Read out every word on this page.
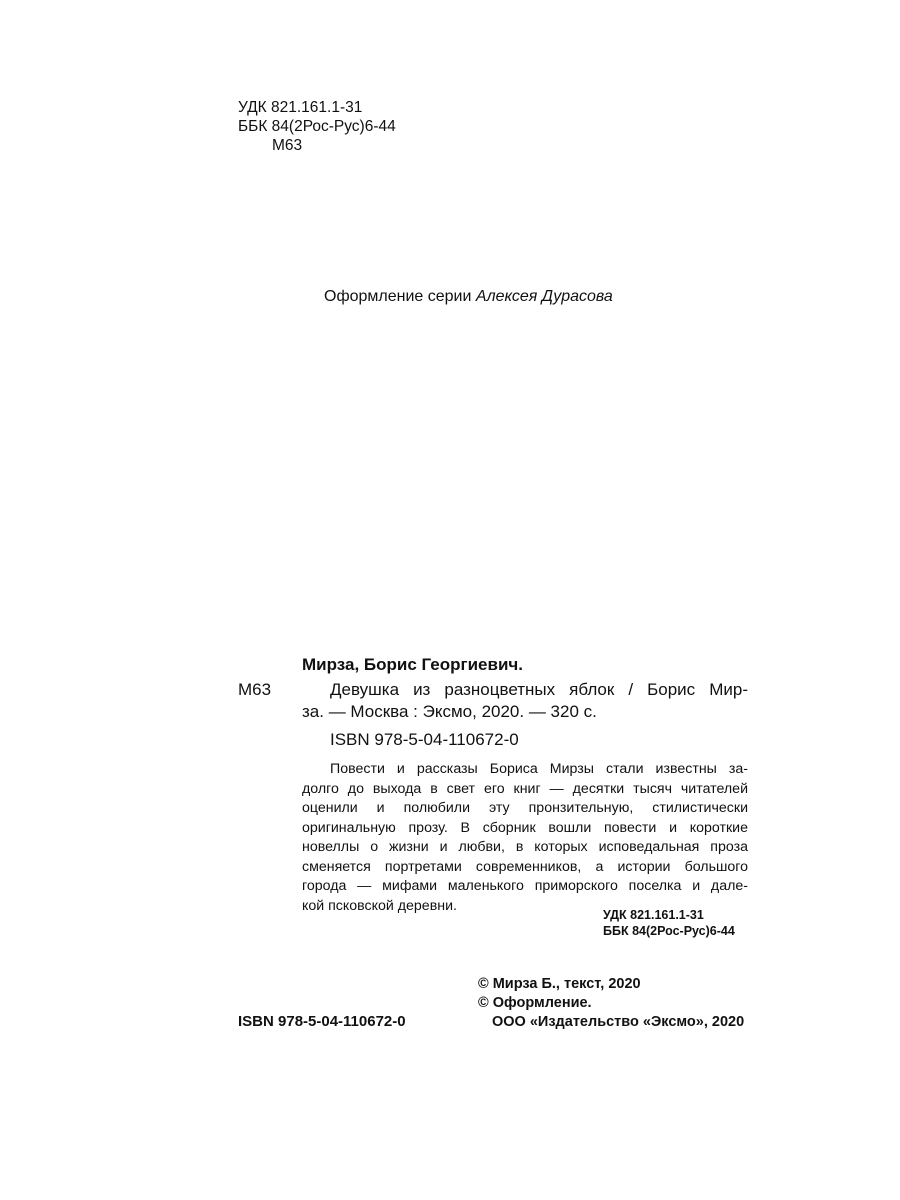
УДК 821.161.1-31
ББК 84(2Рос-Рус)6-44
М63
Оформление серии Алексея Дурасова
Мирза, Борис Георгиевич.
М63	Девушка из разноцветных яблок / Борис Мир-
за. — Москва : Эксмо, 2020. — 320 с.
ISBN 978-5-04-110672-0
Повести и рассказы Бориса Мирзы стали известны за-
долго до выхода в свет его книг — десятки тысяч читателей
оценили и полюбили эту пронзительную, стилистически
оригинальную прозу. В сборник вошли повести и короткие
новеллы о жизни и любви, в которых исповедальная проза
сменяется портретами современников, а истории большого
города — мифами маленького приморского поселка и дале-
кой псковской деревни.
УДК 821.161.1-31
ББК 84(2Рос-Рус)6-44
© Мирза Б., текст, 2020
© Оформление.
ООО «Издательство «Эксмо», 2020
ISBN 978-5-04-110672-0
